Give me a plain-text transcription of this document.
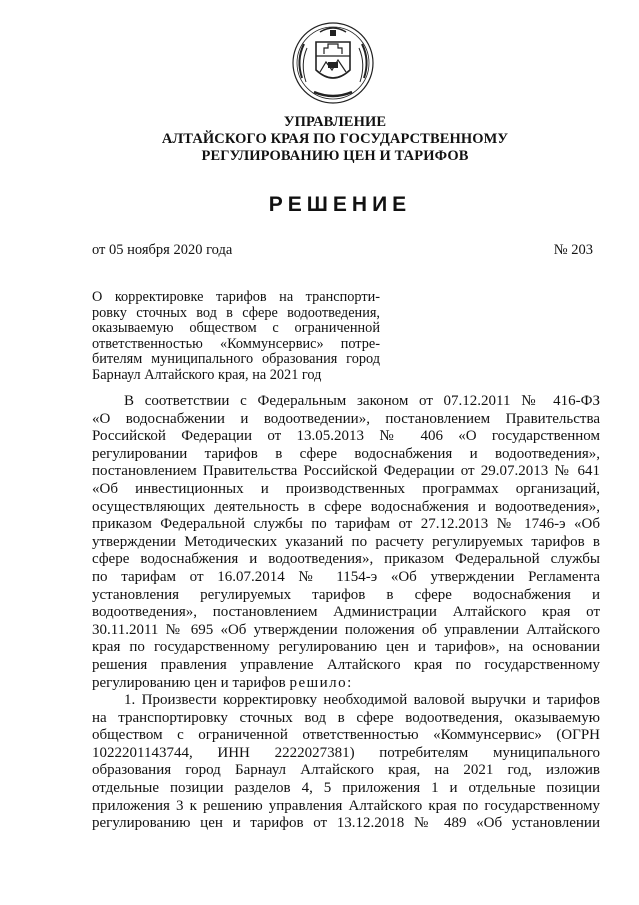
УПРАВЛЕНИЕ
АЛТАЙСКОГО КРАЯ ПО ГОСУДАРСТВЕННОМУ
РЕГУЛИРОВАНИЮ ЦЕН И ТАРИФОВ
РЕШЕНИЕ
от 05 ноября 2020 года	№ 203
О корректировке тарифов на транспорти-
ровку сточных вод в сфере водоотведения,
оказываемую обществом с ограниченной
ответственностью «Коммунсервис» потре-
бителям муниципального образования город
Барнаул Алтайского края, на 2021 год
В соответствии с Федеральным законом от 07.12.2011 № 416-ФЗ
«О водоснабжении и водоотведении», постановлением Правительства
Российской Федерации от 13.05.2013 № 406 «О государственном
регулировании тарифов в сфере водоснабжения и водоотведения»,
постановлением Правительства Российской Федерации от 29.07.2013 № 641
«Об инвестиционных и производственных программах организаций,
осуществляющих деятельность в сфере водоснабжения и водоотведения»,
приказом Федеральной службы по тарифам от 27.12.2013 № 1746-э «Об
утверждении Методических указаний по расчету регулируемых тарифов в
сфере водоснабжения и водоотведения», приказом Федеральной службы
по тарифам от 16.07.2014 № 1154-э «Об утверждении Регламента
установления регулируемых тарифов в сфере водоснабжения и
водоотведения», постановлением Администрации Алтайского края от
30.11.2011 № 695 «Об утверждении положения об управлении Алтайского
края по государственному регулированию цен и тарифов», на основании
решения правления управление Алтайского края по государственному
регулированию цен и тарифов решило:
1. Произвести корректировку необходимой валовой выручки и тарифов
на транспортировку сточных вод в сфере водоотведения, оказываемую
обществом с ограниченной ответственностью «Коммунсервис» (ОГРН
1022201143744, ИНН 2222027381) потребителям муниципального
образования город Барнаул Алтайского края, на 2021 год, изложив
отдельные позиции разделов 4, 5 приложения 1 и отдельные позиции
приложения 3 к решению управления Алтайского края по государственному
регулированию цен и тарифов от 13.12.2018 № 489 «Об установлении
